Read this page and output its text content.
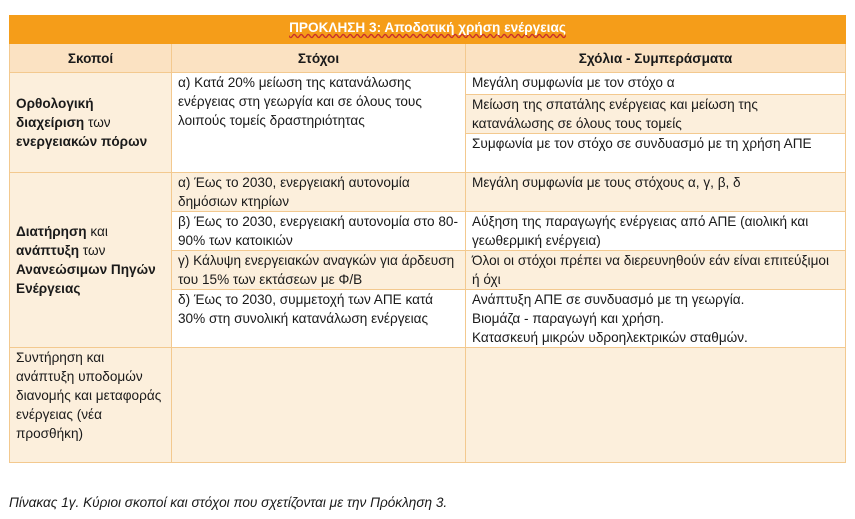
ΠΡΟΚΛΗΣΗ 3: Αποδοτική χρήση ενέργειας		
Σκοποί	Στόχοι	Σχόλια - Συμπεράσματα
Ορθολογική διαχείριση των ενεργειακών πόρων	α) Κατά 20% μείωση της κατανάλωσης ενέργειας στη γεωργία και σε όλους τους λοιπούς τομείς δραστηριότητας	Μεγάλη συμφωνία με τον στόχο α
		Μείωση της σπατάλης ενέργειας και μείωση της κατανάλωσης σε όλους τους τομείς
		Συμφωνία με τον στόχο σε συνδυασμό με τη χρήση ΑΠΕ
Διατήρηση και ανάπτυξη των Ανανεώσιμων Πηγών Ενέργειας	α) Έως το 2030, ενεργειακή αυτονομία δημόσιων κτηρίων	Μεγάλη συμφωνία με τους στόχους α, γ, β, δ
	β) Έως το 2030, ενεργειακή αυτονομία στο 80-90% των κατοικιών	Αύξηση της παραγωγής ενέργειας από ΑΠΕ (αιολική και γεωθερμική ενέργεια)
	γ) Κάλυψη ενεργειακών αναγκών για άρδευση του 15% των εκτάσεων με Φ/Β	Όλοι οι στόχοι πρέπει να διερευνηθούν εάν είναι επιτεύξιμοι ή όχι
	δ) Έως το 2030, συμμετοχή των ΑΠΕ κατά 30% στη συνολική κατανάλωση ενέργειας	Ανάπτυξη ΑΠΕ σε συνδυασμό με τη γεωργία.
Βιομάζα - παραγωγή και χρήση.
Κατασκευή μικρών υδροηλεκτρικών σταθμών.

Συντήρηση και ανάπτυξη υποδομών διανομής και μεταφοράς ενέργειας (νέα προσθήκη)		
Πίνακας 1γ. Κύριοι σκοποί και στόχοι που σχετίζονται με την Πρόκληση 3.
